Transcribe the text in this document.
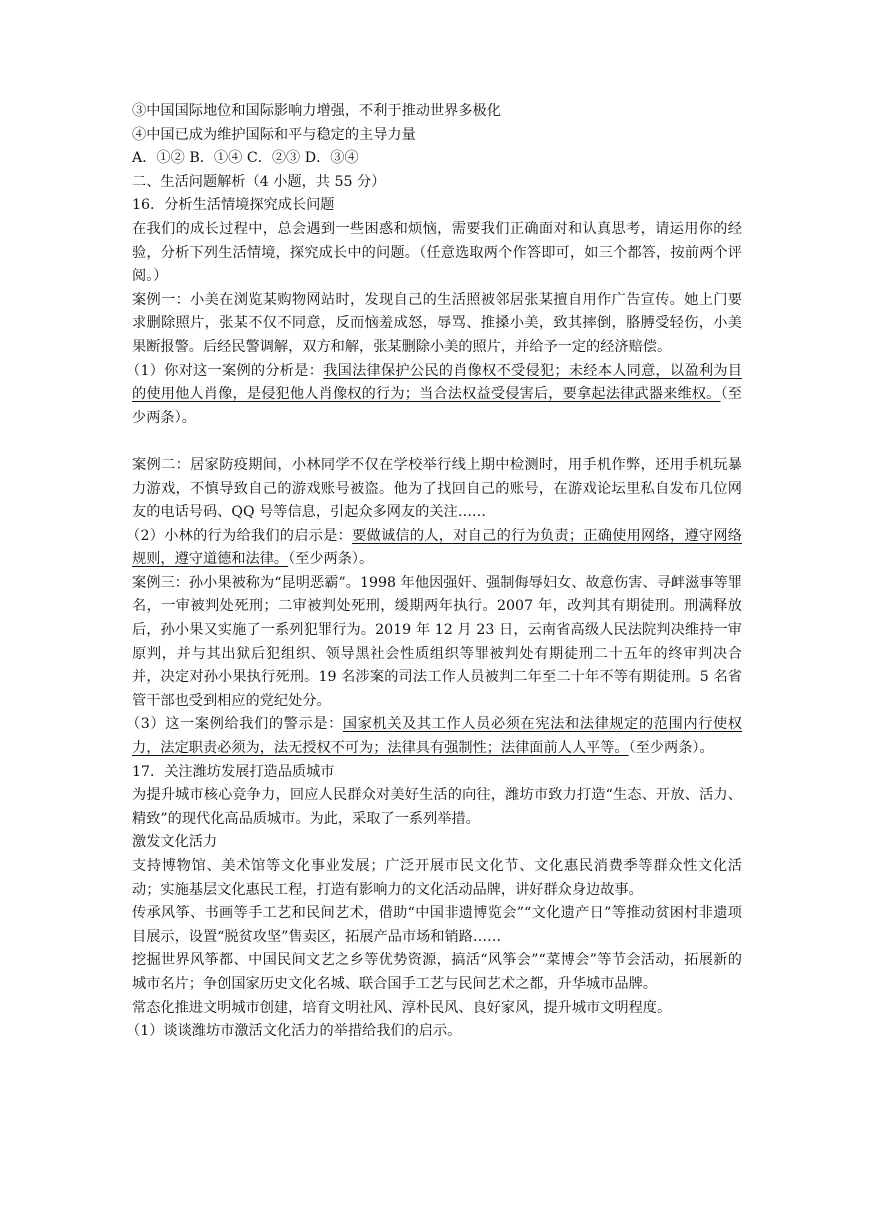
③中国国际地位和国际影响力增强，不利于推动世界多极化

④中国已成为维护国际和平与稳定的主导力量

A．①② B．①④ C．②③ D．③④

二、生活问题解析（4 小题，共 55 分）

16．分析生活情境探究成长问题

在我们的成长过程中，总会遇到一些困惑和烦恼，需要我们正确面对和认真思考，请运用你的经验，分析下列生活情境，探究成长中的问题。（任意选取两个作答即可，如三个都答，按前两个评阅。）

案例一：小美在浏览某购物网站时，发现自己的生活照被邻居张某擅自用作广告宣传。她上门要求删除照片，张某不仅不同意，反而恼羞成怒，辱骂、推搡小美，致其摔倒，胳膊受轻伤，小美果断报警。后经民警调解，双方和解，张某删除小美的照片，并给予一定的经济赔偿。

（1）你对这一案例的分析是：我国法律保护公民的肖像权不受侵犯；未经本人同意，以盈利为目的使用他人肖像，是侵犯他人肖像权的行为；当合法权益受侵害后，要拿起法律武器来维权。（至少两条）。

案例二：居家防疫期间，小林同学不仅在学校举行线上期中检测时，用手机作弊，还用手机玩暴力游戏，不慎导致自己的游戏账号被盗。他为了找回自己的账号，在游戏论坛里私自发布几位网友的电话号码、QQ 号等信息，引起众多网友的关注……

（2）小林的行为给我们的启示是：要做诚信的人，对自己的行为负责；正确使用网络，遵守网络规则，遵守道德和法律。（至少两条）。

案例三：孙小果被称为“昆明恶霸”。1998 年他因强奸、强制侮辱妇女、故意伤害、寻衅滋事等罪名，一审被判处死刑；二审被判处死刑，缓期两年执行。2007 年，改判其有期徒刑。刑满释放后，孙小果又实施了一系列犯罪行为。2019 年 12 月 23 日，云南省高级人民法院判决维持一审原判，并与其出狱后犯组织、领导黑社会性质组织等罪被判处有期徒刑二十五年的终审判决合并，决定对孙小果执行死刑。19 名涉案的司法工作人员被判二年至二十年不等有期徒刑。5 名省管干部也受到相应的党纪处分。

（3）这一案例给我们的警示是：国家机关及其工作人员必须在宪法和法律规定的范围内行使权力，法定职责必须为，法无授权不可为；法律具有强制性；法律面前人人平等。（至少两条）。

17．关注潍坊发展打造品质城市

为提升城市核心竞争力，回应人民群众对美好生活的向往，潍坊市致力打造“生态、开放、活力、精致”的现代化高品质城市。为此，采取了一系列举措。

激发文化活力

支持博物馆、美术馆等文化事业发展；广泛开展市民文化节、文化惠民消费季等群众性文化活动；实施基层文化惠民工程，打造有影响力的文化活动品牌，讲好群众身边故事。

传承风筝、书画等手工艺和民间艺术，借助“中国非遗博览会”“文化遗产日”等推动贫困村非遗项目展示，设置“脱贫攻坚”售卖区，拓展产品市场和销路……

挖掘世界风筝都、中国民间文艺之乡等优势资源，搞活“风筝会”“菜博会”等节会活动，拓展新的城市名片；争创国家历史文化名城、联合国手工艺与民间艺术之都，升华城市品牌。

常态化推进文明城市创建，培育文明社风、淳朴民风、良好家风，提升城市文明程度。

（1）谈谈潍坊市激活文化活力的举措给我们的启示。
